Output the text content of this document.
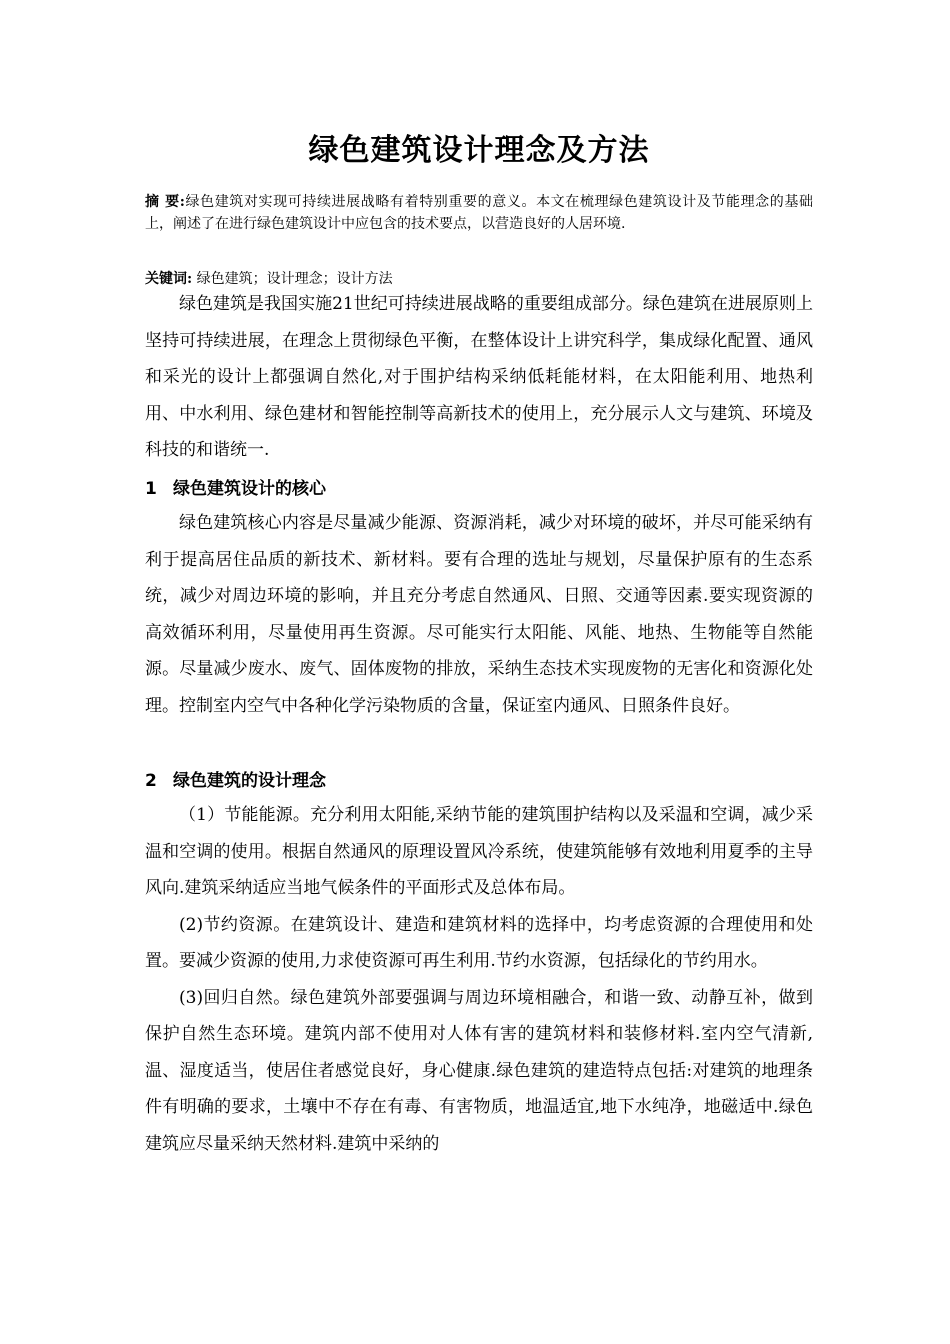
绿色建筑设计理念及方法
摘 要:绿色建筑对实现可持续进展战略有着特别重要的意义。本文在梳理绿色建筑设计及节能理念的基础上，阐述了在进行绿色建筑设计中应包含的技术要点，以营造良好的人居环境.
关键词: 绿色建筑；设计理念；设计方法

绿色建筑是我国实施21世纪可持续进展战略的重要组成部分。绿色建筑在进展原则上坚持可持续进展，在理念上贯彻绿色平衡，在整体设计上讲究科学，集成绿化配置、通风和采光的设计上都强调自然化,对于围护结构采纳低耗能材料，在太阳能利用、地热利用、中水利用、绿色建材和智能控制等高新技术的使用上，充分展示人文与建筑、环境及科技的和谐统一.

1 绿色建筑设计的核心

绿色建筑核心内容是尽量减少能源、资源消耗，减少对环境的破坏，并尽可能采纳有利于提高居住品质的新技术、新材料。要有合理的选址与规划，尽量保护原有的生态系统，减少对周边环境的影响，并且充分考虑自然通风、日照、交通等因素.要实现资源的高效循环利用，尽量使用再生资源。尽可能实行太阳能、风能、地热、生物能等自然能源。尽量减少废水、废气、固体废物的排放，采纳生态技术实现废物的无害化和资源化处理。控制室内空气中各种化学污染物质的含量，保证室内通风、日照条件良好。

2 绿色建筑的设计理念

（1）节能能源。充分利用太阳能,采纳节能的建筑围护结构以及采温和空调，减少采温和空调的使用。根据自然通风的原理设置风冷系统，使建筑能够有效地利用夏季的主导风向.建筑采纳适应当地气候条件的平面形式及总体布局。

(2)节约资源。在建筑设计、建造和建筑材料的选择中，均考虑资源的合理使用和处置。要减少资源的使用,力求使资源可再生利用.节约水资源，包括绿化的节约用水。

(3)回归自然。绿色建筑外部要强调与周边环境相融合，和谐一致、动静互补，做到保护自然生态环境。建筑内部不使用对人体有害的建筑材料和装修材料.室内空气清新,温、湿度适当，使居住者感觉良好，身心健康.绿色建筑的建造特点包括:对建筑的地理条件有明确的要求，土壤中不存在有毒、有害物质，地温适宜,地下水纯净，地磁适中.绿色建筑应尽量采纳天然材料.建筑中采纳的
